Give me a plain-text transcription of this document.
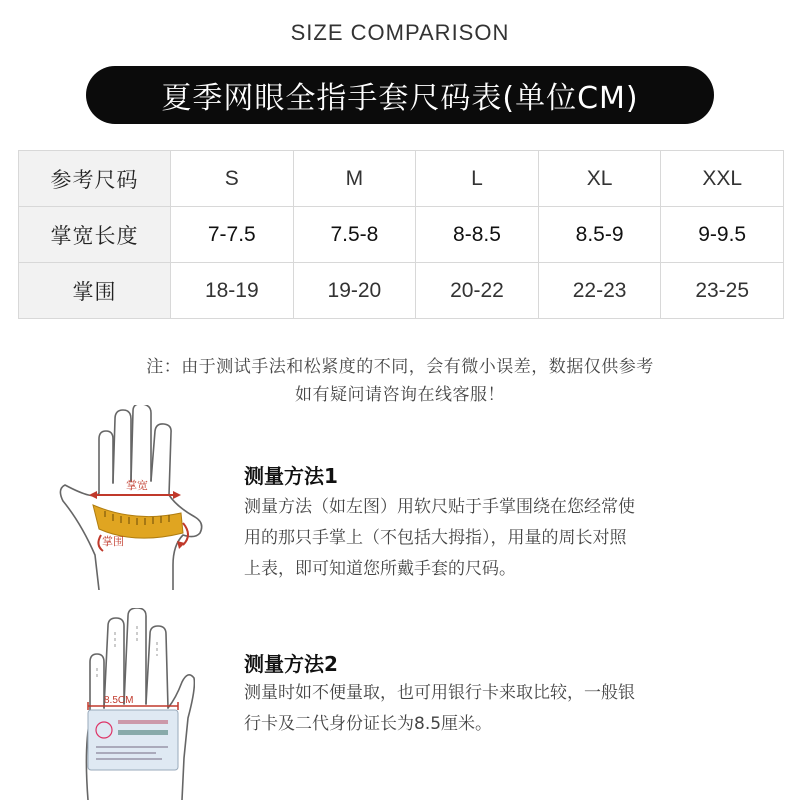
SIZE COMPARISON
夏季网眼全指手套尺码表(单位CM)
参考尺码	S	M	L	XL	XXL
掌宽长度	7-7.5	7.5-8	8-8.5	8.5-9	9-9.5
掌围	18-19	19-20	20-22	22-23	23-25
注：由于测试手法和松紧度的不同，会有微小误差，数据仅供参考
如有疑问请咨询在线客服！
掌宽
掌围
测量方法1
测量方法（如左图）用软尺贴于手掌围绕在您经常使
用的那只手掌上（不包括大拇指），用量的周长对照
上表，即可知道您所戴手套的尺码。
8.5CM
测量方法2
测量时如不便量取，也可用银行卡来取比较，一般银
行卡及二代身份证长为8.5厘米。
